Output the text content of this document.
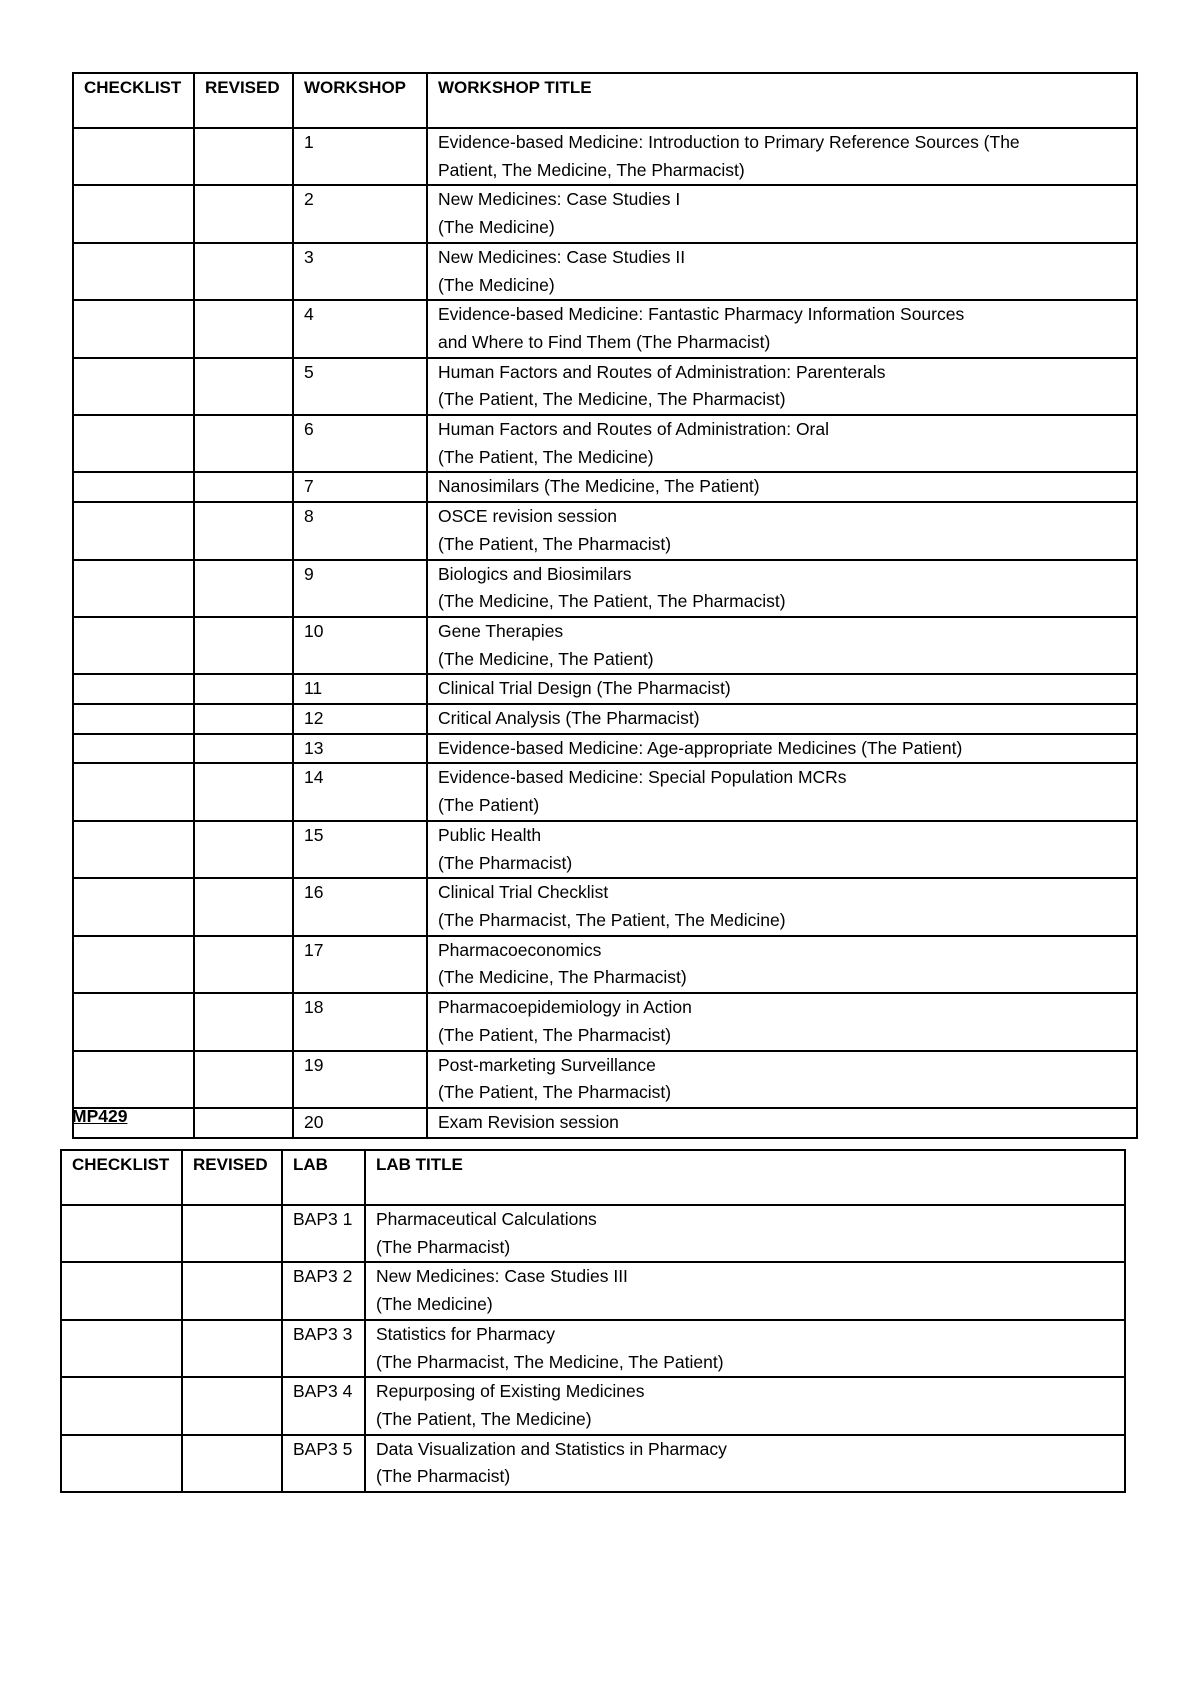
CHECKLIST	REVISED	WORKSHOP	WORKSHOP TITLE
		1	Evidence-based Medicine: Introduction to Primary Reference Sources (The
Patient, The Medicine, The Pharmacist)

		2	New Medicines: Case Studies I
(The Medicine)

		3	New Medicines: Case Studies II
(The Medicine)

		4	Evidence-based Medicine: Fantastic Pharmacy Information Sources
and Where to Find Them (The Pharmacist)

		5	Human Factors and Routes of Administration: Parenterals
(The Patient, The Medicine, The Pharmacist)

		6	Human Factors and Routes of Administration: Oral
(The Patient, The Medicine)

		7	Nanosimilars (The Medicine, The Patient)

		8	OSCE revision session
(The Patient, The Pharmacist)

		9	Biologics and Biosimilars
(The Medicine, The Patient, The Pharmacist)

		10	Gene Therapies
(The Medicine, The Patient)

		11	Clinical Trial Design (The Pharmacist)

		12	Critical Analysis (The Pharmacist)

		13	Evidence-based Medicine: Age-appropriate Medicines (The Patient)

		14	Evidence-based Medicine: Special Population MCRs
(The Patient)

		15	Public Health
(The Pharmacist)

		16	Clinical Trial Checklist
(The Pharmacist, The Patient, The Medicine)

		17	Pharmacoeconomics
(The Medicine, The Pharmacist)

		18	Pharmacoepidemiology in Action
(The Patient, The Pharmacist)

		19	Post-marketing Surveillance
(The Patient, The Pharmacist)

		20	Exam Revision session

MP429

CHECKLIST	REVISED	LAB	LAB TITLE
		BAP3 1	Pharmaceutical Calculations
(The Pharmacist)

		BAP3 2	New Medicines: Case Studies III
(The Medicine)

		BAP3 3	Statistics for Pharmacy
(The Pharmacist, The Medicine, The Patient)

		BAP3 4	Repurposing of Existing Medicines
(The Patient, The Medicine)

		BAP3 5	Data Visualization and Statistics in Pharmacy
(The Pharmacist)
